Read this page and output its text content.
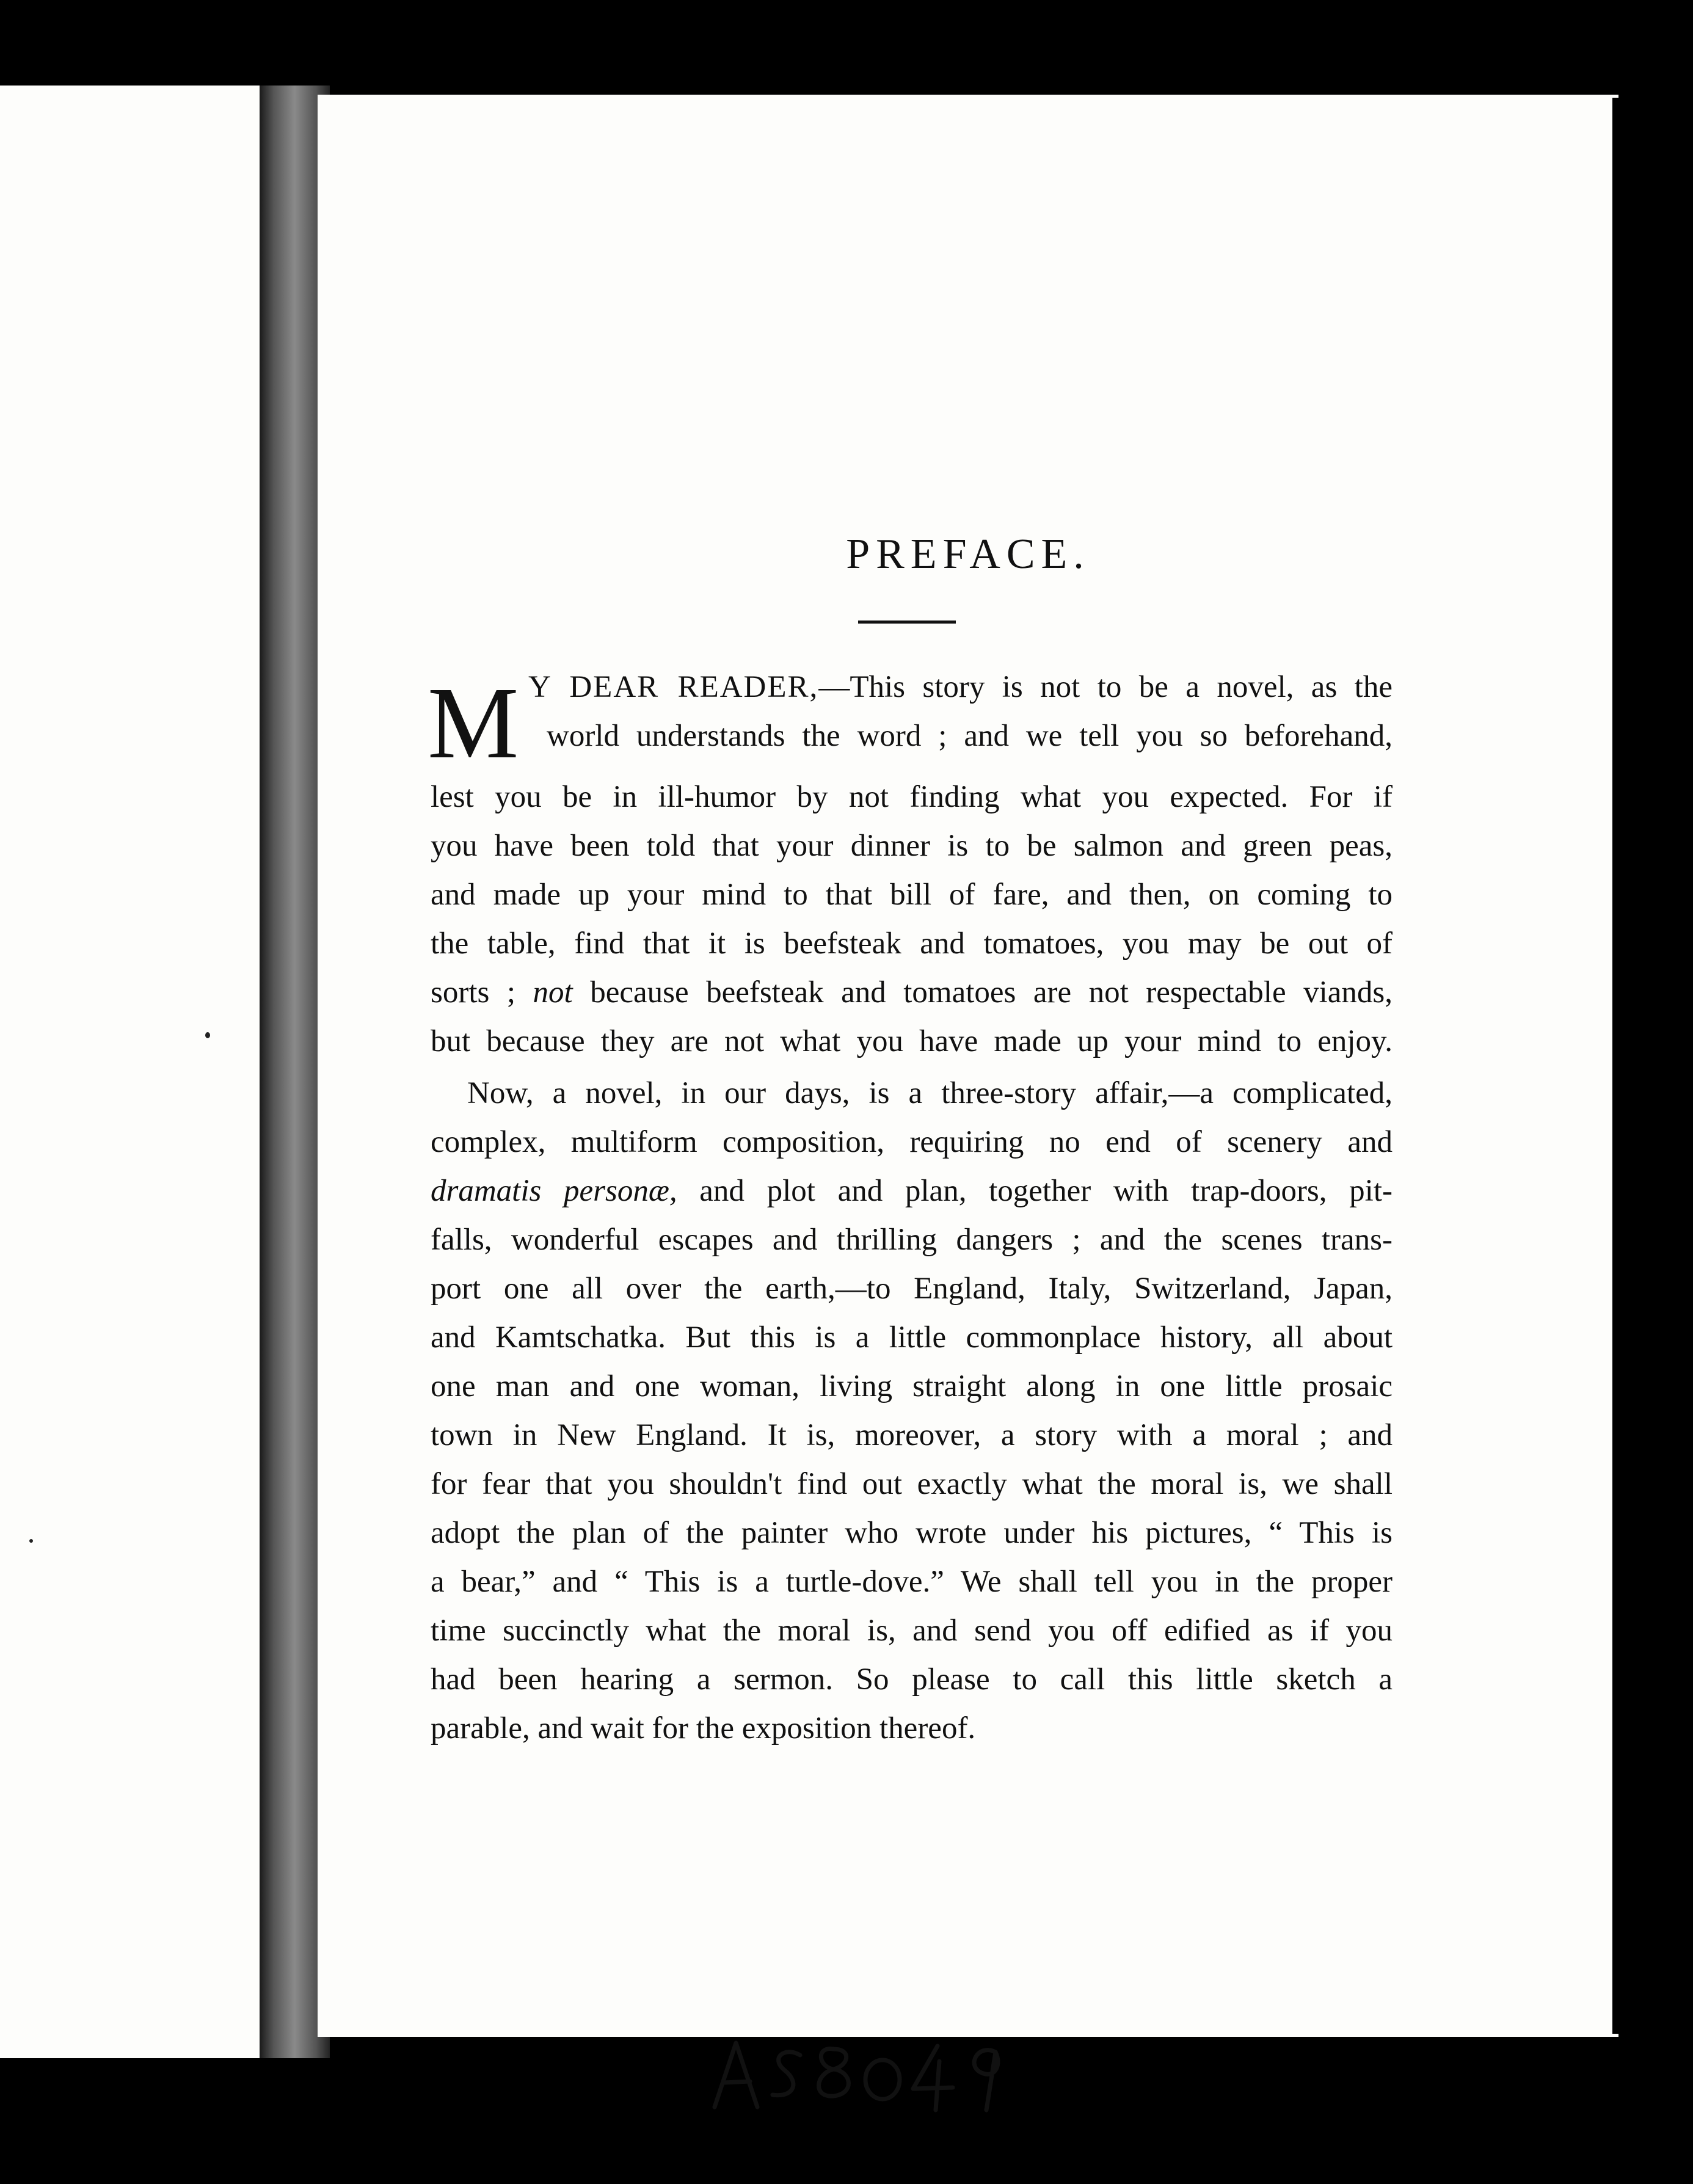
PREFACE.
M Y DEAR READER,—This story is not to be a novel, as the
world understands the word ; and we tell you so beforehand,
lest you be in ill-humor by not finding what you expected. For if
you have been told that your dinner is to be salmon and green peas,
and made up your mind to that bill of fare, and then, on coming to
the table, find that it is beefsteak and tomatoes, you may be out of
sorts ; not because beefsteak and tomatoes are not respectable viands,
but because they are not what you have made up your mind to enjoy.
Now, a novel, in our days, is a three-story affair,—a complicated,
complex, multiform composition, requiring no end of scenery and
dramatis personæ, and plot and plan, together with trap-doors, pit-
falls, wonderful escapes and thrilling dangers ; and the scenes trans-
port one all over the earth,—to England, Italy, Switzerland, Japan,
and Kamtschatka. But this is a little commonplace history, all about
one man and one woman, living straight along in one little prosaic
town in New England. It is, moreover, a story with a moral ; and
for fear that you shouldn't find out exactly what the moral is, we shall
adopt the plan of the painter who wrote under his pictures, “ This is
a bear,” and “ This is a turtle-dove.” We shall tell you in the proper
time succinctly what the moral is, and send you off edified as if you
had been hearing a sermon. So please to call this little sketch a
parable, and wait for the exposition thereof.
